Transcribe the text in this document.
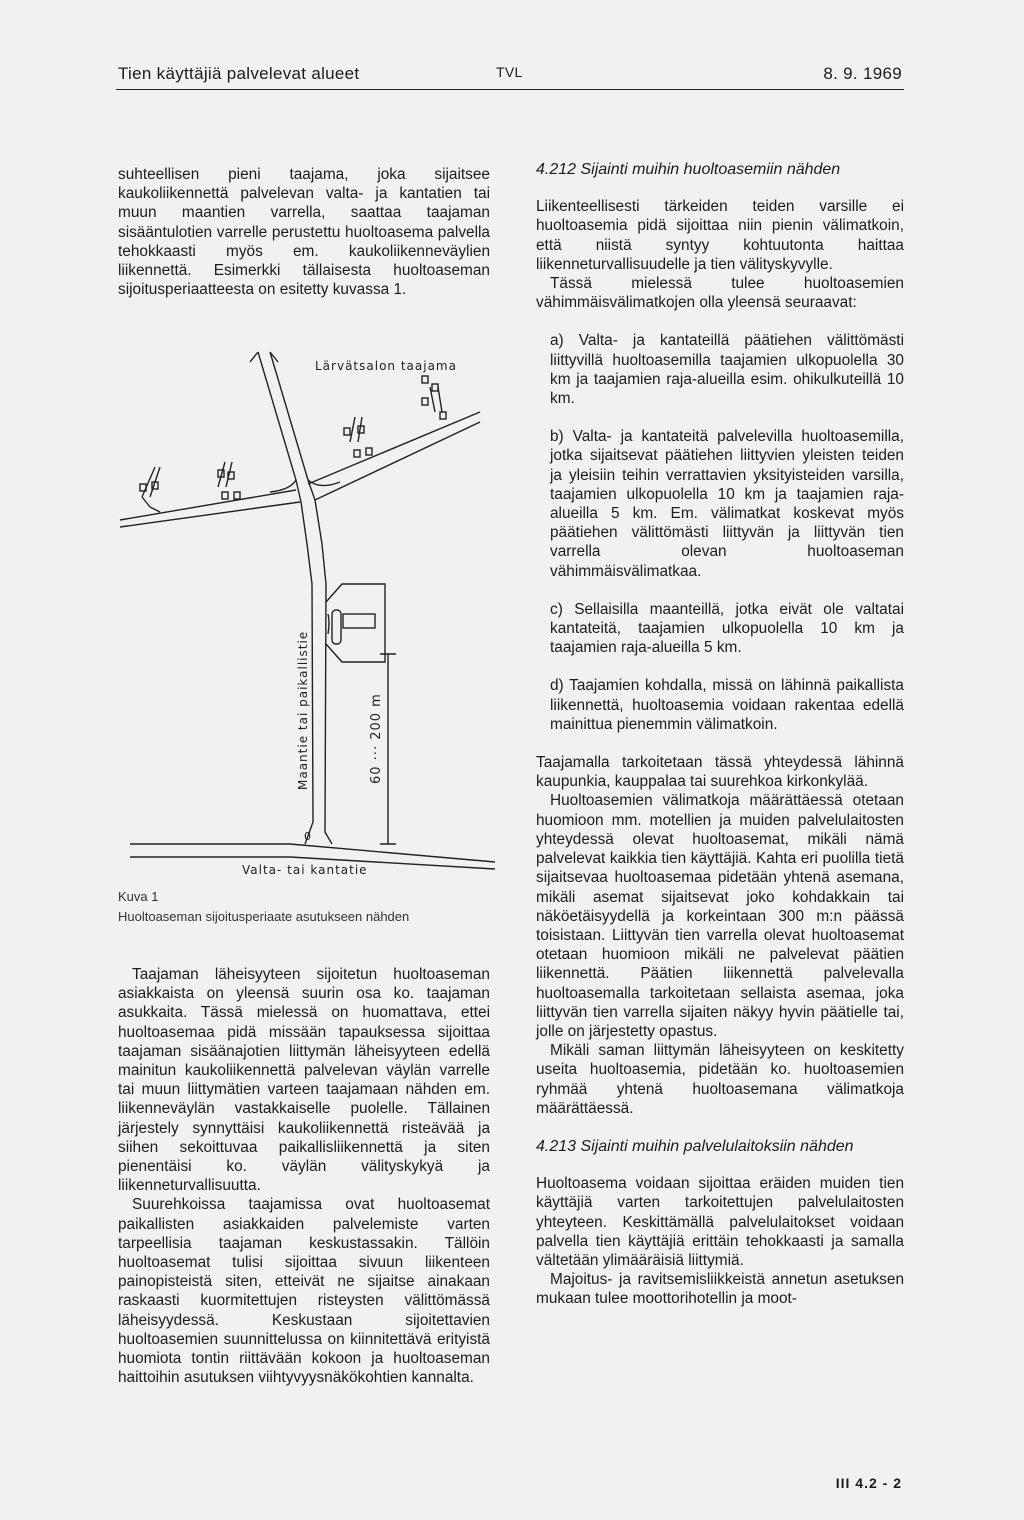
Tien käyttäjiä palvelevat alueet	TVL	8. 9. 1969

suhteellisen pieni taajama, joka sijaitsee kaukoliikennettä palvelevan valta- ja kantatien tai muun maantien varrella, saattaa taajaman sisääntulotien varrelle perustettu huoltoasema palvella tehokkaasti myös em. kaukoliikenneväylien liikennettä. Esimerkki tällaisesta huoltoaseman sijoitusperiaatteesta on esitetty kuvassa 1.

Lärvätsalon taajama
Maantie tai paikallistie	60 ··· 200 m
Valta- tai kantatie
0
Kuva 1
Huoltoaseman sijoitusperiaate asutukseen nähden

Taajaman läheisyyteen sijoitetun huoltoaseman asiakkaista on yleensä suurin osa ko. taajaman asukkaita. Tässä mielessä on huomattava, ettei huoltoasemaa pidä missään tapauksessa sijoittaa taajaman sisäänajotien liittymän läheisyyteen edellä mainitun kaukoliikennettä palvelevan väylän varrelle tai muun liittymätien varteen taajamaan nähden em. liikenneväylän vastakkaiselle puolelle. Tällainen järjestely synnyttäisi kaukoliikennettä risteävää ja siihen sekoittuvaa paikallisliikennettä ja siten pienentäisi ko. väylän välityskykyä ja liikenneturvallisuutta.

Suurehkoissa taajamissa ovat huoltoasemat paikallisten asiakkaiden palvelemiste varten tarpeellisia taajaman keskustassakin. Tällöin huoltoasemat tulisi sijoittaa sivuun liikenteen painopisteistä siten, etteivät ne sijaitse ainakaan raskaasti kuormitettujen risteysten välittömässä läheisyydessä. Keskustaan sijoitettavien huoltoasemien suunnittelussa on kiinnitettävä erityistä huomiota tontin riittävään kokoon ja huoltoaseman haittoihin asutuksen viihtyvyysnäkökohtien kannalta.

4.212 Sijainti muihin huoltoasemiin nähden

Liikenteellisesti tärkeiden teiden varsille ei huoltoasemia pidä sijoittaa niin pienin välimatkoin, että niistä syntyy kohtuutonta haittaa liikenneturvallisuudelle ja tien välityskyvylle.

Tässä mielessä tulee huoltoasemien vähimmäisvälimatkojen olla yleensä seuraavat:

a) Valta- ja kantateillä päätiehen välittömästi liittyvillä huoltoasemilla taajamien ulkopuolella 30 km ja taajamien raja-alueilla esim. ohikulkuteillä 10 km.

b) Valta- ja kantateitä palvelevilla huoltoasemilla, jotka sijaitsevat päätiehen liittyvien yleisten teiden ja yleisiin teihin verrattavien yksityisteiden varsilla, taajamien ulkopuolella 10 km ja taajamien raja-alueilla 5 km. Em. välimatkat koskevat myös päätiehen välittömästi liittyvän ja liittyvän tien varrella olevan huoltoaseman vähimmäisvälimatkaa.

c) Sellaisilla maanteillä, jotka eivät ole valtatai kantateitä, taajamien ulkopuolella 10 km ja taajamien raja-alueilla 5 km.

d) Taajamien kohdalla, missä on lähinnä paikallista liikennettä, huoltoasemia voidaan rakentaa edellä mainittua pienemmin välimatkoin.

Taajamalla tarkoitetaan tässä yhteydessä lähinnä kaupunkia, kauppalaa tai suurehkoa kirkonkylää.

Huoltoasemien välimatkoja määrättäessä otetaan huomioon mm. motellien ja muiden palvelulaitosten yhteydessä olevat huoltoasemat, mikäli nämä palvelevat kaikkia tien käyttäjiä. Kahta eri puolilla tietä sijaitsevaa huoltoasemaa pidetään yhtenä asemana, mikäli asemat sijaitsevat joko kohdakkain tai näköetäisyydellä ja korkeintaan 300 m:n päässä toisistaan. Liittyvän tien varrella olevat huoltoasemat otetaan huomioon mikäli ne palvelevat päätien liikennettä. Päätien liikennettä palvelevalla huoltoasemalla tarkoitetaan sellaista asemaa, joka liittyvän tien varrella sijaiten näkyy hyvin päätielle tai, jolle on järjestetty opastus.

Mikäli saman liittymän läheisyyteen on keskitetty useita huoltoasemia, pidetään ko. huoltoasemien ryhmää yhtenä huoltoasemana välimatkoja määrättäessä.

4.213 Sijainti muihin palvelulaitoksiin nähden

Huoltoasema voidaan sijoittaa eräiden muiden tien käyttäjiä varten tarkoitettujen palvelulaitosten yhteyteen. Keskittämällä palvelulaitokset voidaan palvella tien käyttäjiä erittäin tehokkaasti ja samalla vältetään ylimääräisiä liittymiä.

Majoitus- ja ravitsemisliikkeistä annetun asetuksen mukaan tulee moottorihotellin ja moot-

III 4.2 - 2
